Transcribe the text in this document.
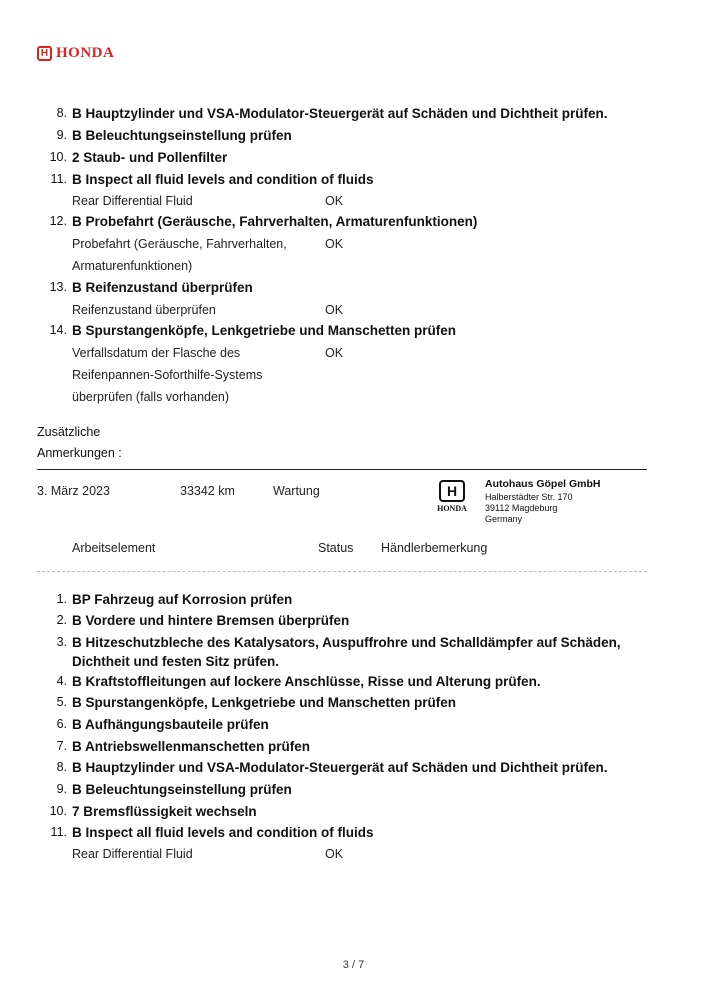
H HONDA
8. B Hauptzylinder und VSA-Modulator-Steuergerät auf Schäden und Dichtheit prüfen.
9. B Beleuchtungseinstellung prüfen
10. 2 Staub- und Pollenfilter
11. B Inspect all fluid levels and condition of fluids
Rear Differential Fluid	OK
12. B Probefahrt (Geräusche, Fahrverhalten, Armaturenfunktionen)
Probefahrt (Geräusche, Fahrverhalten,
Armaturenfunktionen)
OK
13. B Reifenzustand überprüfen
Reifenzustand überprüfen	OK
14. B Spurstangenköpfe, Lenkgetriebe und Manschetten prüfen
Verfallsdatum der Flasche des
Reifenpannen-Soforthilfe-Systems
überprüfen (falls vorhanden)
OK
Zusätzliche
Anmerkungen :
3. März 2023	33342 km	Wartung	H
HONDA
Autohaus Göpel GmbH
Halberstädter Str. 170
39112 Magdeburg
Germany
Arbeitselement	Status Händlerbemerkung
1. BP Fahrzeug auf Korrosion prüfen
2. B Vordere und hintere Bremsen überprüfen
3. B Hitzeschutzbleche des Katalysators, Auspuffrohre und Schalldämpfer auf Schäden,
Dichtheit und festen Sitz prüfen.
4. B Kraftstoffleitungen auf lockere Anschlüsse, Risse und Alterung prüfen.
5. B Spurstangenköpfe, Lenkgetriebe und Manschetten prüfen
6. B Aufhängungsbauteile prüfen
7. B Antriebswellenmanschetten prüfen
8. B Hauptzylinder und VSA-Modulator-Steuergerät auf Schäden und Dichtheit prüfen.
9. B Beleuchtungseinstellung prüfen
10. 7 Bremsflüssigkeit wechseln
11. B Inspect all fluid levels and condition of fluids
Rear Differential Fluid	OK
3 / 7
